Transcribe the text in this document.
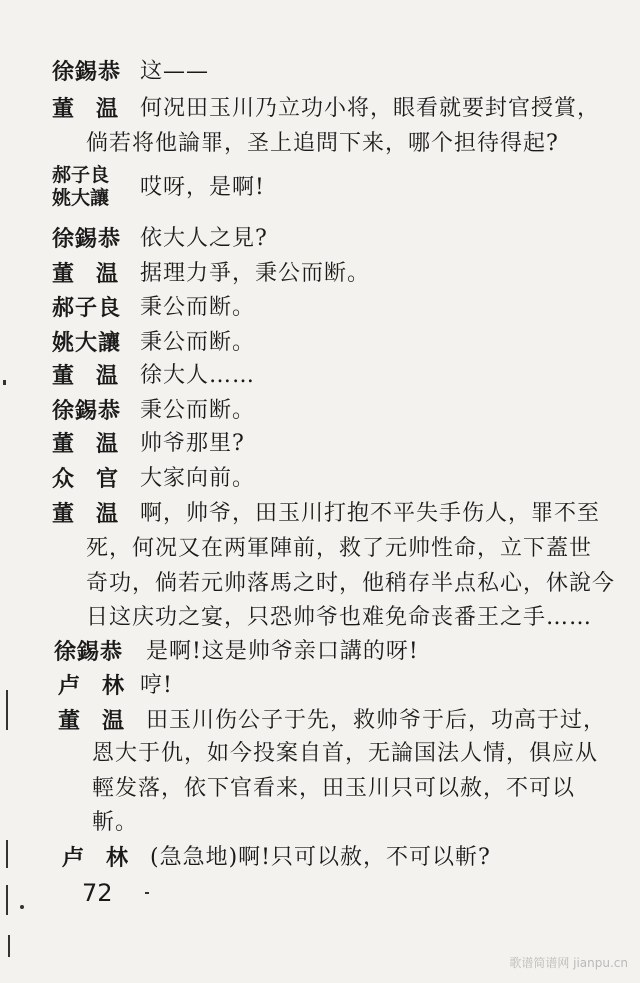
徐錫恭 这——
董温 何况田玉川乃立功小将，眼看就要封官授賞，
倘若将他論罪，圣上追問下来，哪个担待得起?
郝子良
姚大讓 哎呀，是啊!
徐錫恭 依大人之見?
董温 据理力爭，秉公而断。
郝子良 秉公而断。
姚大讓 秉公而断。
董温 徐大人……
徐錫恭 秉公而断。
董温 帅爷那里?
众官 大家向前。
董温 啊，帅爷，田玉川打抱不平失手伤人，罪不至
死，何况又在两軍陣前，救了元帅性命，立下蓋世
奇功，倘若元帅落馬之时，他稍存半点私心，休說今
日这庆功之宴，只恐帅爷也难免命丧番王之手……
徐錫恭 是啊!这是帅爷亲口講的呀!
卢林
哼!
董温 田玉川伤公子于先，救帅爷于后，功高于过，
恩大于仇，如今投案自首，无論国法人情，俱应从
輕发落，依下官看来，田玉川只可以赦，不可以
斬。
卢林 (急急地)啊!只可以赦，不可以斬?
72
歌谱简谱网 jianpu.cn
